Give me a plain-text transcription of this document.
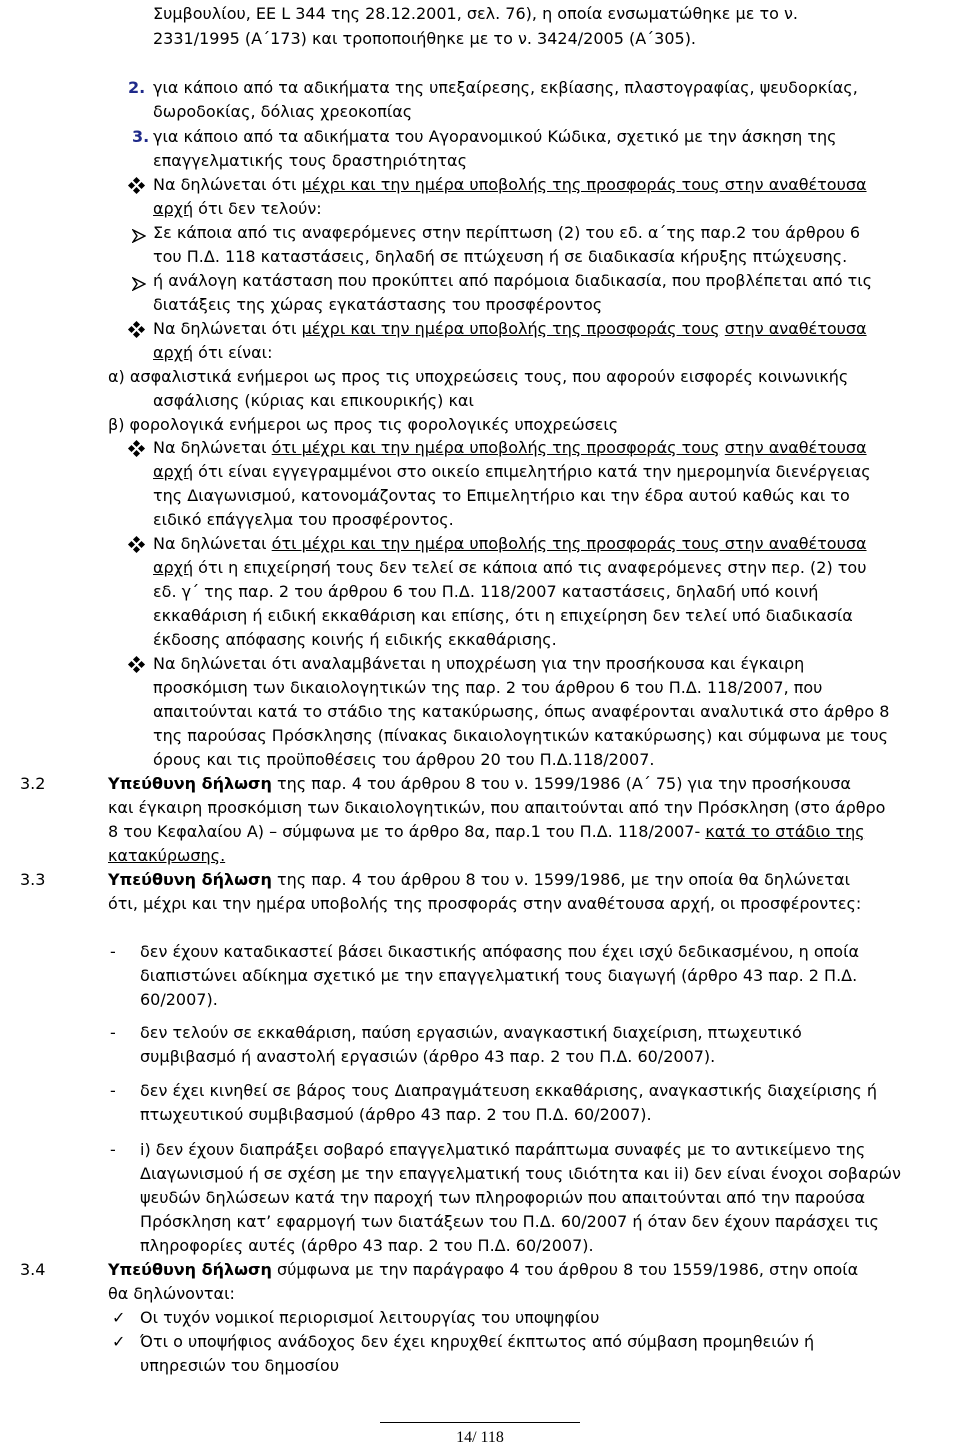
Συμβουλίου, ΕΕ L 344 της 28.12.2001, σελ. 76), η οποία ενσωματώθηκε με το ν.
2331/1995 (Α΄173) και τροποποιήθηκε με το ν. 3424/2005 (Α΄305).
2. για κάποιο από τα αδικήματα της υπεξαίρεσης, εκβίασης, πλαστογραφίας, ψευδορκίας,
δωροδοκίας, δόλιας χρεοκοπίας
3. για κάποιο από τα αδικήματα του Αγορανομικού Κώδικα, σχετικό με την άσκηση της
επαγγελματικής τους δραστηριότητας
Να δηλώνεται ότι μέχρι και την ημέρα υποβολής της προσφοράς τους στην αναθέτουσα
αρχή ότι δεν τελούν:
Σε κάποια από τις αναφερόμενες στην περίπτωση (2) του εδ. α΄της παρ.2 του άρθρου 6
του Π.Δ. 118 καταστάσεις, δηλαδή σε πτώχευση ή σε διαδικασία κήρυξης πτώχευσης.
ή ανάλογη κατάσταση που προκύπτει από παρόμοια διαδικασία, που προβλέπεται από τις
διατάξεις της χώρας εγκατάστασης του προσφέροντος
Να δηλώνεται ότι μέχρι και την ημέρα υποβολής της προσφοράς τους στην αναθέτουσα
αρχή ότι είναι:
α) ασφαλιστικά ενήμεροι ως προς τις υποχρεώσεις τους, που αφορούν εισφορές κοινωνικής
ασφάλισης (κύριας και επικουρικής) και
β) φορολογικά ενήμεροι ως προς τις φορολογικές υποχρεώσεις
Να δηλώνεται ότι μέχρι και την ημέρα υποβολής της προσφοράς τους στην αναθέτουσα
αρχή ότι είναι εγγεγραμμένοι στο οικείο επιμελητήριο κατά την ημερομηνία διενέργειας
της Διαγωνισμού, κατονομάζοντας το Επιμελητήριο και την έδρα αυτού καθώς και το
ειδικό επάγγελμα του προσφέροντος.
Να δηλώνεται ότι μέχρι και την ημέρα υποβολής της προσφοράς τους στην αναθέτουσα
αρχή ότι η επιχείρησή τους δεν τελεί σε κάποια από τις αναφερόμενες στην περ. (2) του
εδ. γ΄ της παρ. 2 του άρθρου 6 του Π.Δ. 118/2007 καταστάσεις, δηλαδή υπό κοινή
εκκαθάριση ή ειδική εκκαθάριση και επίσης, ότι η επιχείρηση δεν τελεί υπό διαδικασία
έκδοσης απόφασης κοινής ή ειδικής εκκαθάρισης.
Να δηλώνεται ότι αναλαμβάνεται η υποχρέωση για την προσήκουσα και έγκαιρη
προσκόμιση των δικαιολογητικών της παρ. 2 του άρθρου 6 του Π.Δ. 118/2007, που
απαιτούνται κατά το στάδιο της κατακύρωσης, όπως αναφέρονται αναλυτικά στο άρθρο 8
της παρούσας Πρόσκλησης (πίνακας δικαιολογητικών κατακύρωσης) και σύμφωνα με τους
όρους και τις προϋποθέσεις του άρθρου 20 του Π.Δ.118/2007.
3.2	Υπεύθυνη δήλωση της παρ. 4 του άρθρου 8 του ν. 1599/1986 (Α΄ 75) για την προσήκουσα
και έγκαιρη προσκόμιση των δικαιολογητικών, που απαιτούνται από την Πρόσκληση (στο άρθρο
8 του Κεφαλαίου Α) – σύμφωνα με το άρθρο 8α, παρ.1 του Π.Δ. 118/2007- κατά το στάδιο της
κατακύρωσης.
3.3	Υπεύθυνη δήλωση της παρ. 4 του άρθρου 8 του ν. 1599/1986, με την οποία θα δηλώνεται
ότι, μέχρι και την ημέρα υποβολής της προσφοράς στην αναθέτουσα αρχή, οι προσφέροντες:
- δεν έχουν καταδικαστεί βάσει δικαστικής απόφασης που έχει ισχύ δεδικασμένου, η οποία
διαπιστώνει αδίκημα σχετικό με την επαγγελματική τους διαγωγή (άρθρο 43 παρ. 2 Π.Δ.
60/2007).
- δεν τελούν σε εκκαθάριση, παύση εργασιών, αναγκαστική διαχείριση, πτωχευτικό
συμβιβασμό ή αναστολή εργασιών (άρθρο 43 παρ. 2 του Π.Δ. 60/2007).
- δεν έχει κινηθεί σε βάρος τους Διαπραγμάτευση εκκαθάρισης, αναγκαστικής διαχείρισης ή
πτωχευτικού συμβιβασμού (άρθρο 43 παρ. 2 του Π.Δ. 60/2007).
- i) δεν έχουν διαπράξει σοβαρό επαγγελματικό παράπτωμα συναφές με το αντικείμενο της
Διαγωνισμού ή σε σχέση με την επαγγελματική τους ιδιότητα και ii) δεν είναι ένοχοι σοβαρών
ψευδών δηλώσεων κατά την παροχή των πληροφοριών που απαιτούνται από την παρούσα
Πρόσκληση κατ’ εφαρμογή των διατάξεων του Π.Δ. 60/2007 ή όταν δεν έχουν παράσχει τις
πληροφορίες αυτές (άρθρο 43 παρ. 2 του Π.Δ. 60/2007).
3.4	Υπεύθυνη δήλωση σύμφωνα με την παράγραφο 4 του άρθρου 8 του 1559/1986, στην οποία
θα δηλώνονται:
✓ Οι τυχόν νομικοί περιορισμοί λειτουργίας του υποψηφίου
✓ Ότι ο υποψήφιος ανάδοχος δεν έχει κηρυχθεί έκπτωτος από σύμβαση προμηθειών ή
υπηρεσιών του δημοσίου
14/ 118
